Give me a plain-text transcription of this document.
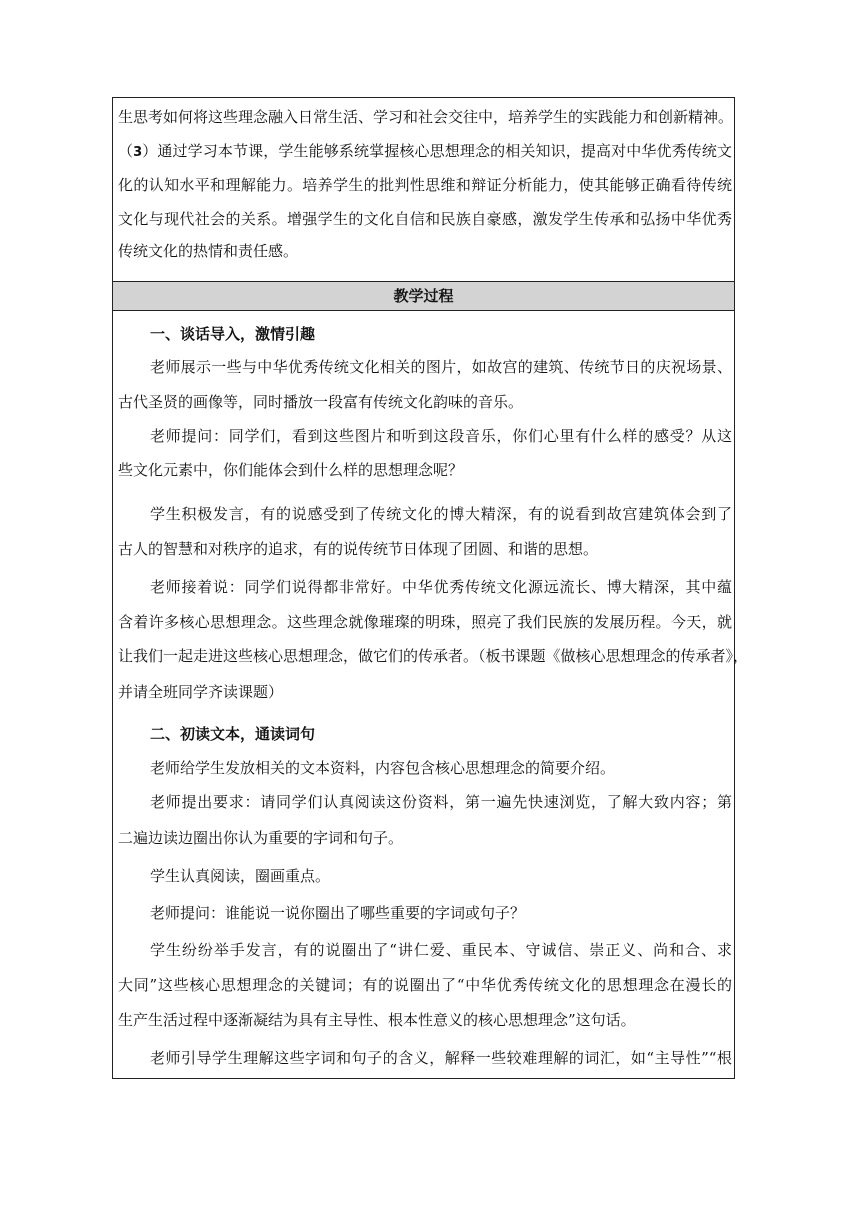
生思考如何将这些理念融入日常生活、学习和社会交往中，培养学生的实践能力和创新精神。
（3）通过学习本节课，学生能够系统掌握核心思想理念的相关知识，提高对中华优秀传统文
化的认知水平和理解能力。培养学生的批判性思维和辩证分析能力，使其能够正确看待传统
文化与现代社会的关系。增强学生的文化自信和民族自豪感，激发学生传承和弘扬中华优秀
传统文化的热情和责任感。
教学过程
一、谈话导入，激情引趣
老师展示一些与中华优秀传统文化相关的图片，如故宫的建筑、传统节日的庆祝场景、
古代圣贤的画像等，同时播放一段富有传统文化韵味的音乐。
老师提问：同学们，看到这些图片和听到这段音乐，你们心里有什么样的感受？从这
些文化元素中，你们能体会到什么样的思想理念呢？
学生积极发言，有的说感受到了传统文化的博大精深，有的说看到故宫建筑体会到了
古人的智慧和对秩序的追求，有的说传统节日体现了团圆、和谐的思想。
老师接着说：同学们说得都非常好。中华优秀传统文化源远流长、博大精深，其中蕴
含着许多核心思想理念。这些理念就像璀璨的明珠，照亮了我们民族的发展历程。今天，就
让我们一起走进这些核心思想理念，做它们的传承者。（板书课题《做核心思想理念的传承者》，
并请全班同学齐读课题）
二、初读文本，通读词句
老师给学生发放相关的文本资料，内容包含核心思想理念的简要介绍。
老师提出要求：请同学们认真阅读这份资料，第一遍先快速浏览，了解大致内容；第
二遍边读边圈出你认为重要的字词和句子。
学生认真阅读，圈画重点。
老师提问：谁能说一说你圈出了哪些重要的字词或句子？
学生纷纷举手发言，有的说圈出了“讲仁爱、重民本、守诚信、崇正义、尚和合、求
大同”这些核心思想理念的关键词；有的说圈出了“中华优秀传统文化的思想理念在漫长的
生产生活过程中逐渐凝结为具有主导性、根本性意义的核心思想理念”这句话。
老师引导学生理解这些字词和句子的含义，解释一些较难理解的词汇，如“主导性”“根
